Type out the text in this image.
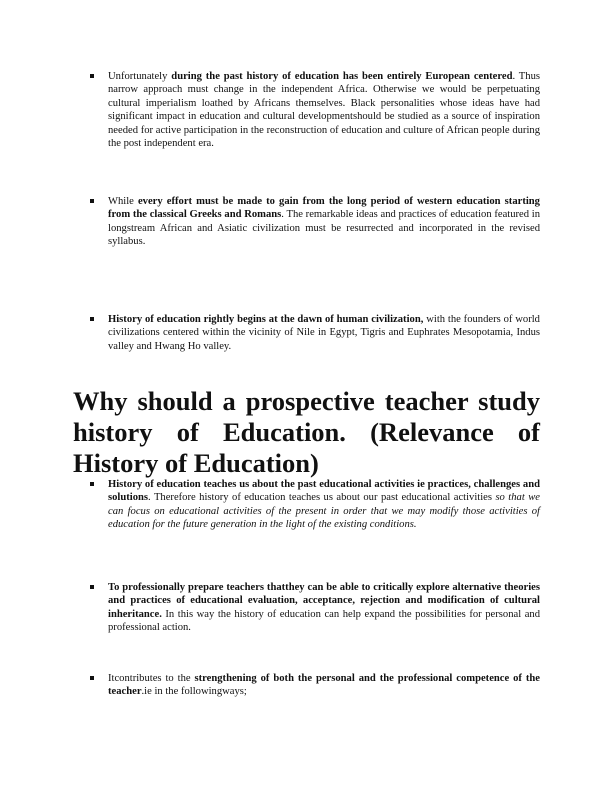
Unfortunately during the past history of education has been entirely European centered. Thus narrow approach must change in the independent Africa. Otherwise we would be perpetuating cultural imperialism loathed by Africans themselves. Black personalities whose ideas have had significant impact in education and cultural developmentshould be studied as a source of inspiration needed for active participation in the reconstruction of education and culture of African people during the post independent era.
While every effort must be made to gain from the long period of western education starting from the classical Greeks and Romans. The remarkable ideas and practices of education featured in longstream African and Asiatic civilization must be resurrected and incorporated in the revised syllabus.
History of education rightly begins at the dawn of human civilization, with the founders of world civilizations centered within the vicinity of Nile in Egypt, Tigris and Euphrates Mesopotamia, Indus valley and Hwang Ho valley.
Why should a prospective teacher study history of Education. (Relevance of History of Education)
History of education teaches us about the past educational activities ie practices, challenges and solutions. Therefore history of education teaches us about our past educational activities so that we can focus on educational activities of the present in order that we may modify those activities of education for the future generation in the light of the existing conditions.
To professionally prepare teachers thatthey can be able to critically explore alternative theories and practices of educational evaluation, acceptance, rejection and modification of cultural inheritance. In this way the history of education can help expand the possibilities for personal and professional action.
Itcontributes to the strengthening of both the personal and the professional competence of the teacher.ie in the followingways;
